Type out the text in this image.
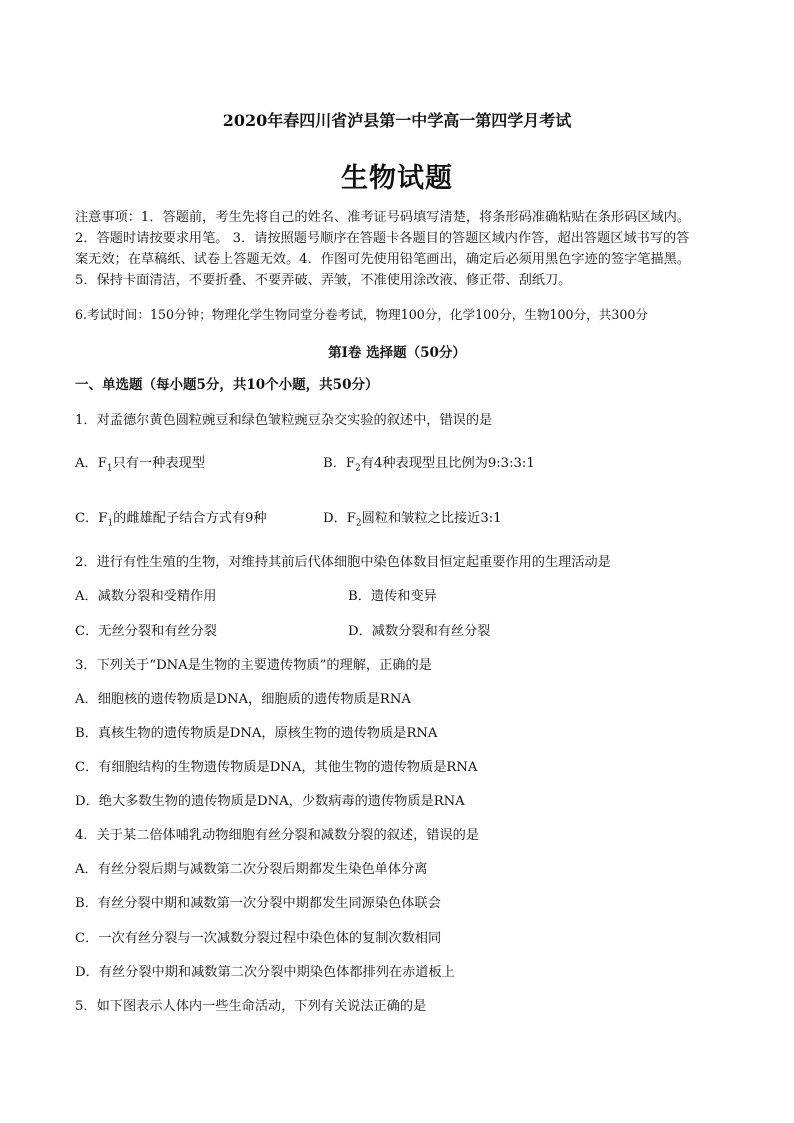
2020年春四川省泸县第一中学高一第四学月考试
生物试题
注意事项：1．答题前，考生先将自己的姓名、准考证号码填写清楚，将条形码准确粘贴在条形码区域内。
2．答题时请按要求用笔。 3．请按照题号顺序在答题卡各题目的答题区域内作答，超出答题区域书写的答
案无效；在草稿纸、试卷上答题无效。4．作图可先使用铅笔画出，确定后必须用黑色字迹的签字笔描黑。
5．保持卡面清洁，不要折叠、不要弄破、弄皱，不准使用涂改液、修正带、刮纸刀。
6.考试时间：150分钟；物理化学生物同堂分卷考试，物理100分，化学100分，生物100分，共300分
第I卷 选择题（50分）
一、单选题（每小题5分，共10个小题，共50分）
1．对孟德尔黄色圆粒豌豆和绿色皱粒豌豆杂交实验的叙述中，错误的是
A．$F_1$只有一种表现型	B．$F_2$有4种表现型且比例为9:3:3:1
C．$F_1$的雌雄配子结合方式有9种	D．$F_2$圆粒和皱粒之比接近3:1
2．进行有性生殖的生物，对维持其前后代体细胞中染色体数目恒定起重要作用的生理活动是
A．减数分裂和受精作用	B．遗传和变异
C．无丝分裂和有丝分裂	D．减数分裂和有丝分裂
3．下列关于“DNA是生物的主要遗传物质”的理解，正确的是
A．细胞核的遗传物质是DNA，细胞质的遗传物质是RNA
B．真核生物的遗传物质是DNA，原核生物的遗传物质是RNA
C．有细胞结构的生物遗传物质是DNA，其他生物的遗传物质是RNA
D．绝大多数生物的遗传物质是DNA，少数病毒的遗传物质是RNA
4．关于某二倍体哺乳动物细胞有丝分裂和减数分裂的叙述，错误的是
A．有丝分裂后期与减数第二次分裂后期都发生染色单体分离
B．有丝分裂中期和减数第一次分裂中期都发生同源染色体联会
C．一次有丝分裂与一次减数分裂过程中染色体的复制次数相同
D．有丝分裂中期和减数第二次分裂中期染色体都排列在赤道板上
5．如下图表示人体内一些生命活动，下列有关说法正确的是
